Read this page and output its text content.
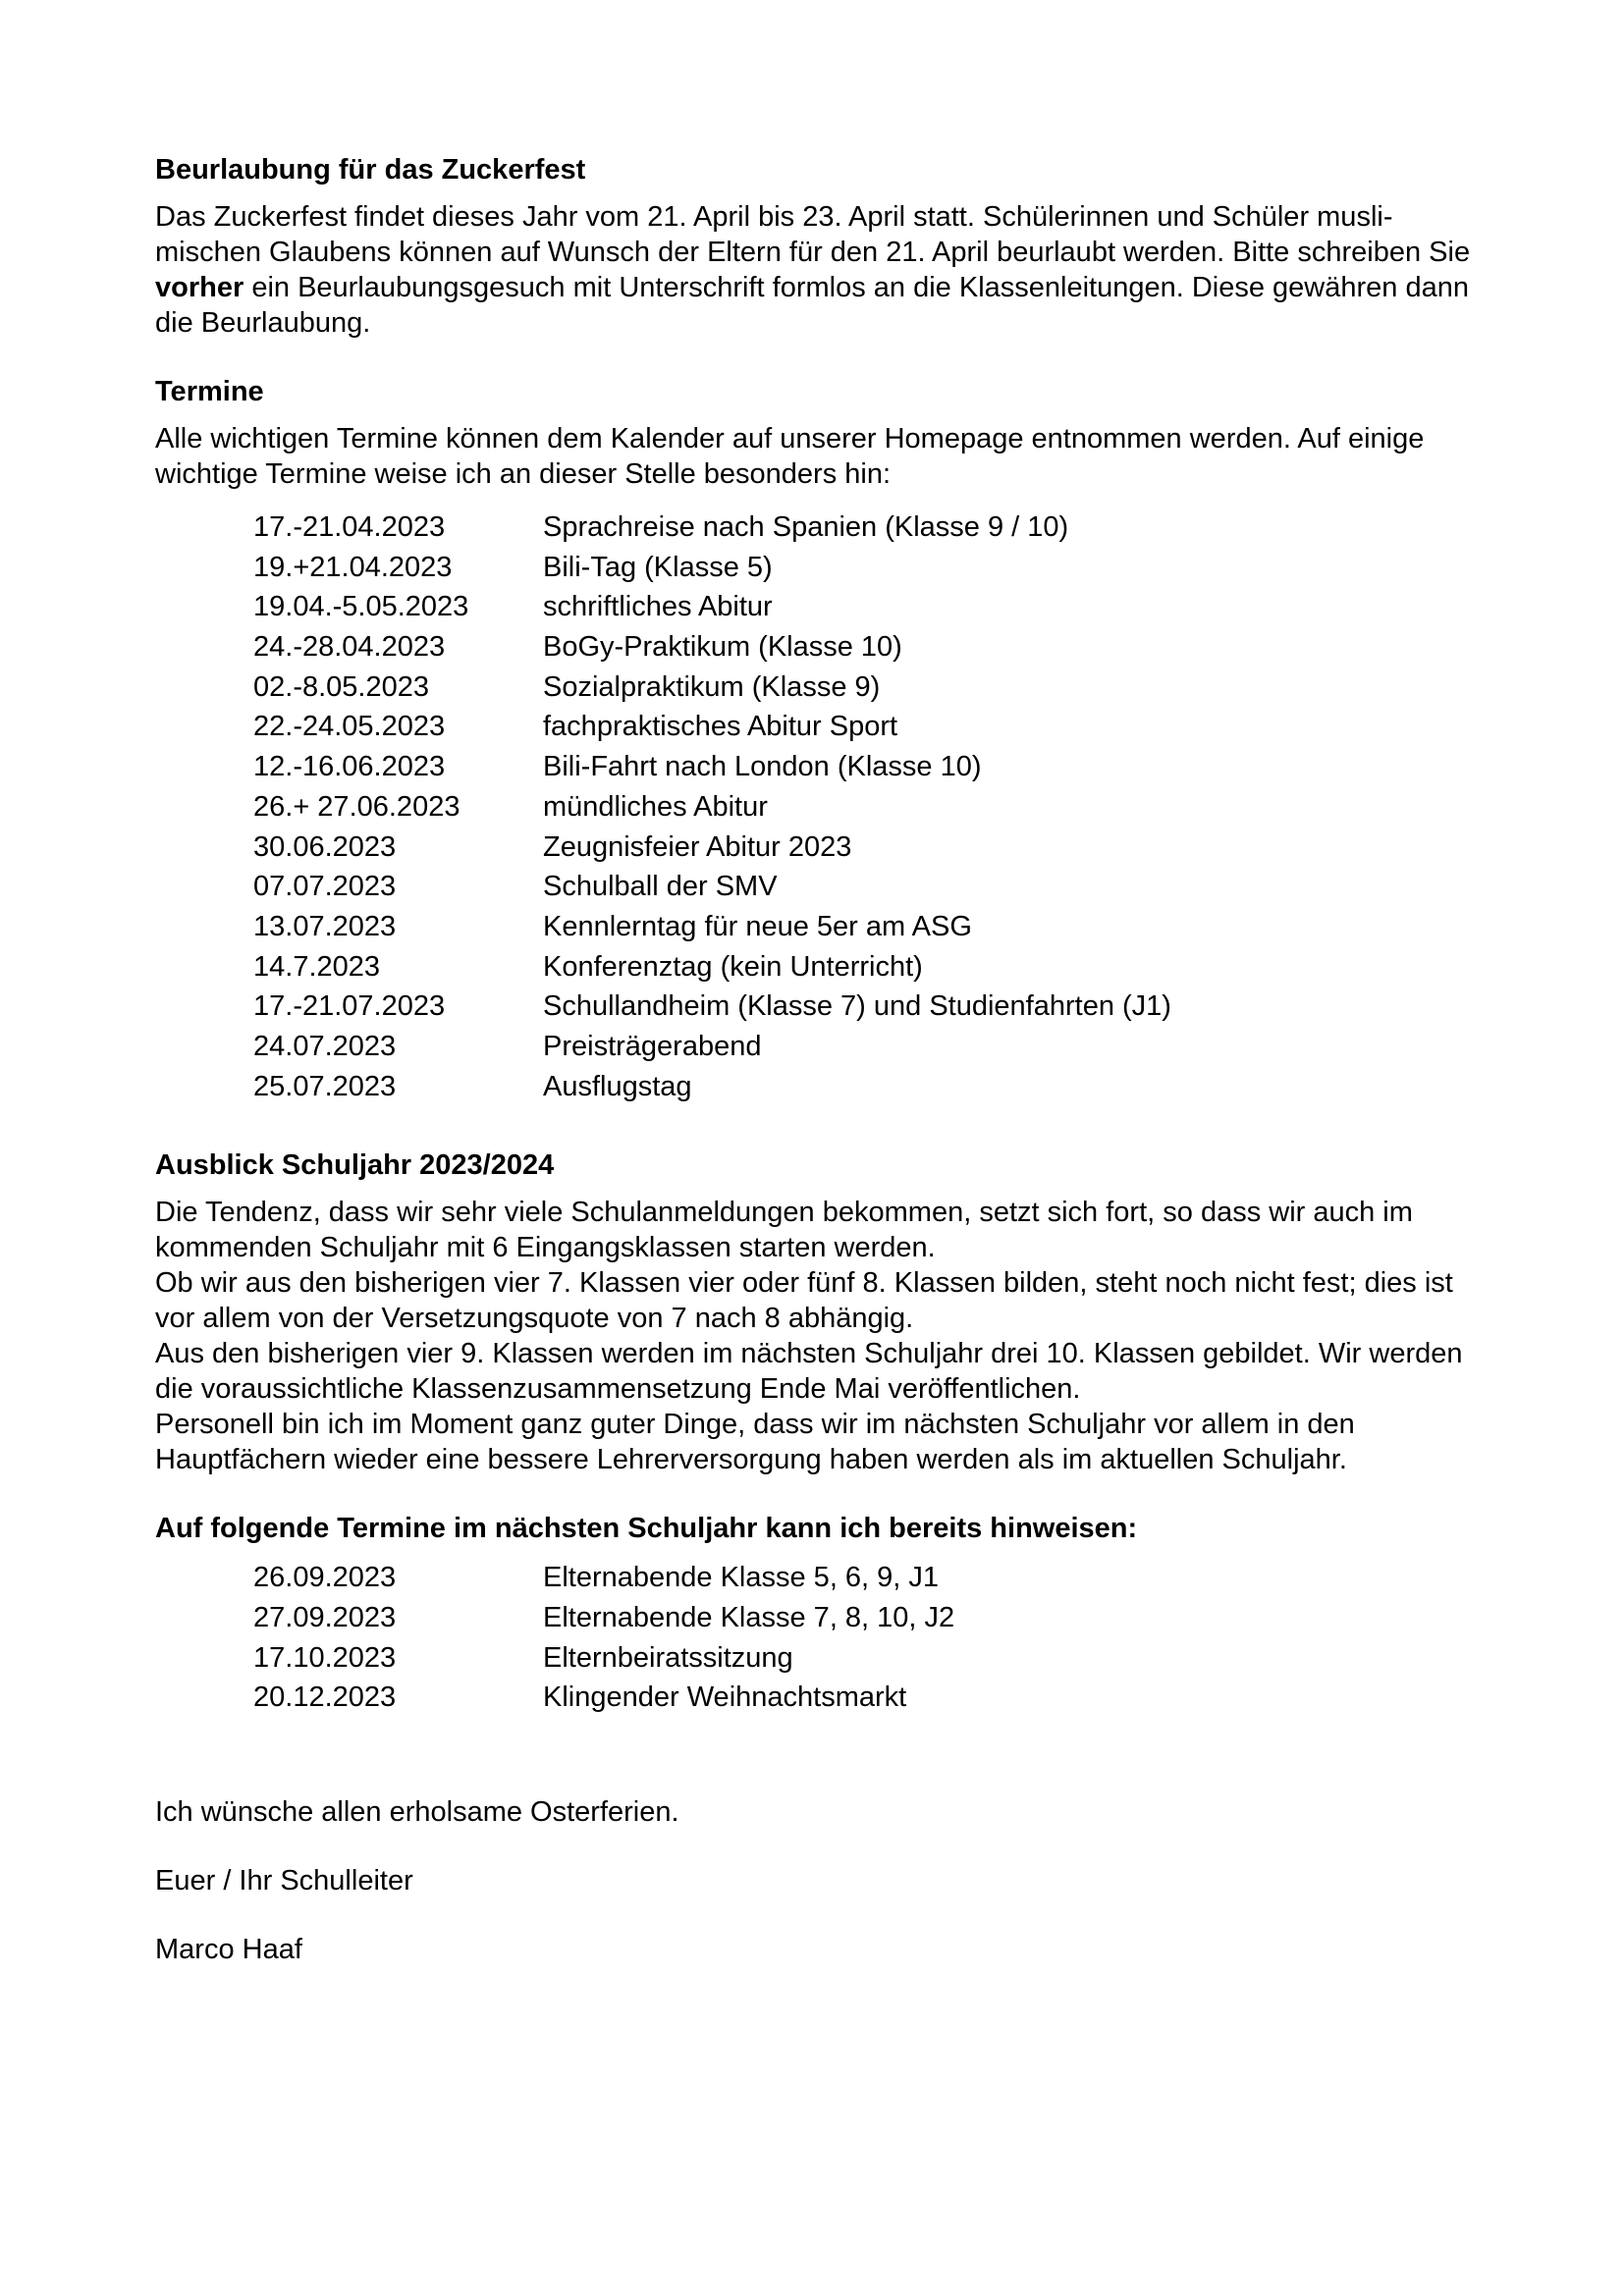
Beurlaubung für das Zuckerfest

Das Zuckerfest findet dieses Jahr vom 21. April bis 23. April statt. Schülerinnen und Schüler musli-mischen Glaubens können auf Wunsch der Eltern für den 21. April beurlaubt werden. Bitte schreiben Sie vorher ein Beurlaubungsgesuch mit Unterschrift formlos an die Klassenleitungen. Diese gewähren dann die Beurlaubung.

Termine

Alle wichtigen Termine können dem Kalender auf unserer Homepage entnommen werden. Auf einige wichtige Termine weise ich an dieser Stelle besonders hin:

17.-21.04.2023	Sprachreise nach Spanien (Klasse 9 / 10)
19.+21.04.2023	Bili-Tag (Klasse 5)
19.04.-5.05.2023	schriftliches Abitur
24.-28.04.2023	BoGy-Praktikum (Klasse 10)
02.-8.05.2023	Sozialpraktikum (Klasse 9)
22.-24.05.2023	fachpraktisches Abitur Sport
12.-16.06.2023	Bili-Fahrt nach London (Klasse 10)
26.+ 27.06.2023	mündliches Abitur
30.06.2023	Zeugnisfeier Abitur 2023
07.07.2023	Schulball der SMV
13.07.2023	Kennlerntag für neue 5er am ASG
14.7.2023	Konferenztag (kein Unterricht)
17.-21.07.2023	Schullandheim (Klasse 7) und Studienfahrten (J1)
24.07.2023	Preisträgerabend
25.07.2023	Ausflugstag
Ausblick Schuljahr 2023/2024

Die Tendenz, dass wir sehr viele Schulanmeldungen bekommen, setzt sich fort, so dass wir auch im kommenden Schuljahr mit 6 Eingangsklassen starten werden.

Ob wir aus den bisherigen vier 7. Klassen vier oder fünf 8. Klassen bilden, steht noch nicht fest; dies ist vor allem von der Versetzungsquote von 7 nach 8 abhängig.

Aus den bisherigen vier 9. Klassen werden im nächsten Schuljahr drei 10. Klassen gebildet. Wir werden die voraussichtliche Klassenzusammensetzung Ende Mai veröffentlichen.

Personell bin ich im Moment ganz guter Dinge, dass wir im nächsten Schuljahr vor allem in den Hauptfächern wieder eine bessere Lehrerversorgung haben werden als im aktuellen Schuljahr.

Auf folgende Termine im nächsten Schuljahr kann ich bereits hinweisen:
26.09.2023	Elternabende Klasse 5, 6, 9, J1
27.09.2023	Elternabende Klasse 7, 8, 10, J2
17.10.2023	Elternbeiratssitzung
20.12.2023	Klingender Weihnachtsmarkt

Ich wünsche allen erholsame Osterferien.

Euer / Ihr Schulleiter

Marco Haaf
